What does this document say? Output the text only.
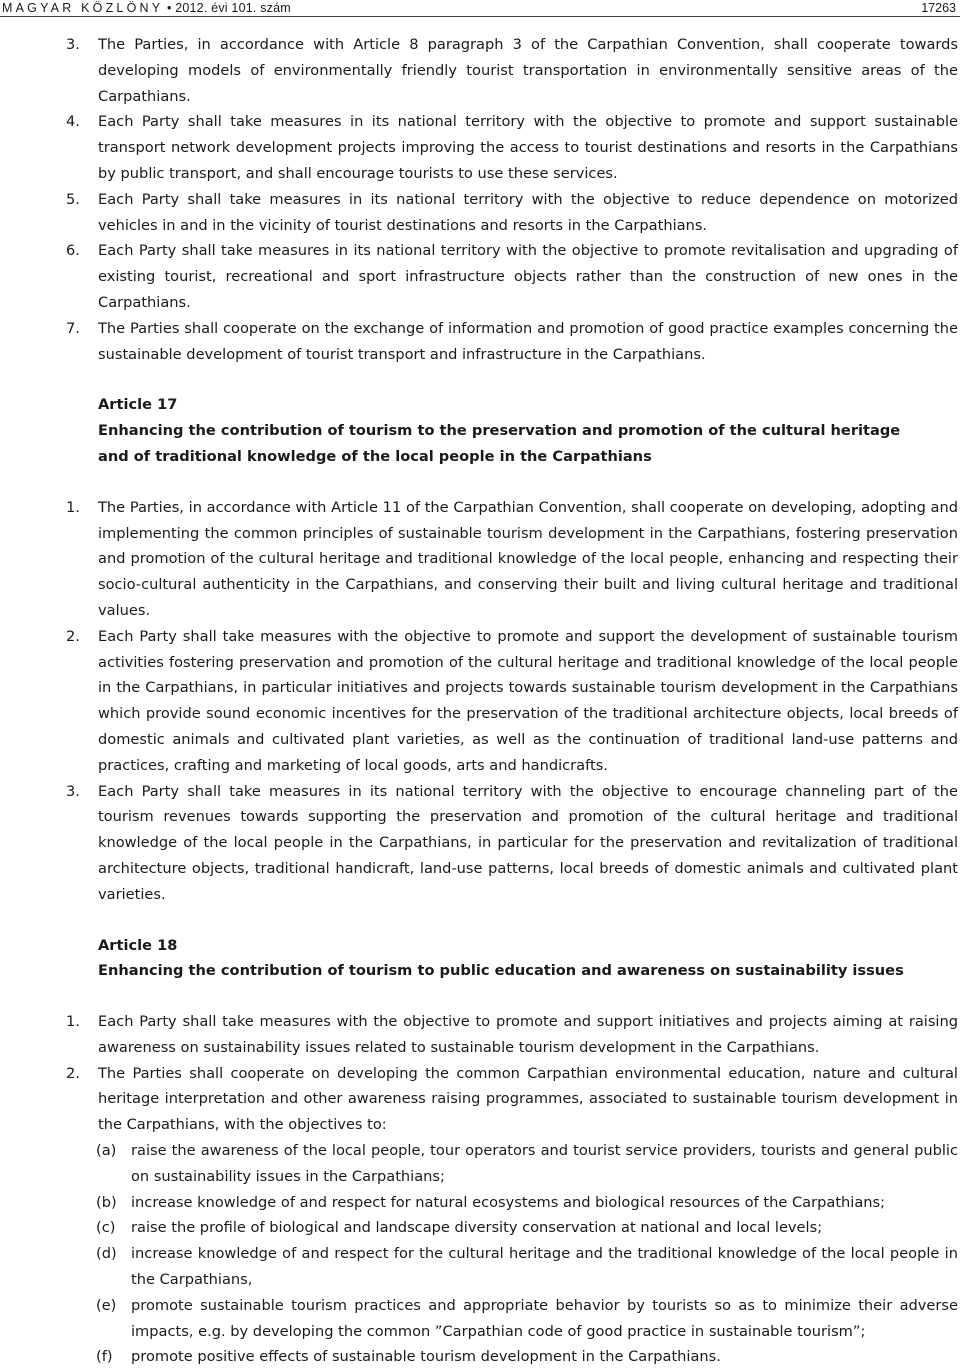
MAGYAR KÖZLÖNY • 2012. évi 101. szám	17263
3. The Parties, in accordance with Article 8 paragraph 3 of the Carpathian Convention, shall cooperate towards developing models of environmentally friendly tourist transportation in environmentally sensitive areas of the Carpathians.
4. Each Party shall take measures in its national territory with the objective to promote and support sustainable transport network development projects improving the access to tourist destinations and resorts in the Carpathians by public transport, and shall encourage tourists to use these services.
5. Each Party shall take measures in its national territory with the objective to reduce dependence on motorized vehicles in and in the vicinity of tourist destinations and resorts in the Carpathians.
6. Each Party shall take measures in its national territory with the objective to promote revitalisation and upgrading of existing tourist, recreational and sport infrastructure objects rather than the construction of new ones in the Carpathians.
7. The Parties shall cooperate on the exchange of information and promotion of good practice examples concerning the sustainable development of tourist transport and infrastructure in the Carpathians.
Article 17
Enhancing the contribution of tourism to the preservation and promotion of the cultural heritage and of traditional knowledge of the local people in the Carpathians
1. The Parties, in accordance with Article 11 of the Carpathian Convention, shall cooperate on developing, adopting and implementing the common principles of sustainable tourism development in the Carpathians, fostering preservation and promotion of the cultural heritage and traditional knowledge of the local people, enhancing and respecting their socio-cultural authenticity in the Carpathians, and conserving their built and living cultural heritage and traditional values.
2. Each Party shall take measures with the objective to promote and support the development of sustainable tourism activities fostering preservation and promotion of the cultural heritage and traditional knowledge of the local people in the Carpathians, in particular initiatives and projects towards sustainable tourism development in the Carpathians which provide sound economic incentives for the preservation of the traditional architecture objects, local breeds of domestic animals and cultivated plant varieties, as well as the continuation of traditional land-use patterns and practices, crafting and marketing of local goods, arts and handicrafts.
3. Each Party shall take measures in its national territory with the objective to encourage channeling part of the tourism revenues towards supporting the preservation and promotion of the cultural heritage and traditional knowledge of the local people in the Carpathians, in particular for the preservation and revitalization of traditional architecture objects, traditional handicraft, land-use patterns, local breeds of domestic animals and cultivated plant varieties.
Article 18
Enhancing the contribution of tourism to public education and awareness on sustainability issues
1. Each Party shall take measures with the objective to promote and support initiatives and projects aiming at raising awareness on sustainability issues related to sustainable tourism development in the Carpathians.
2. The Parties shall cooperate on developing the common Carpathian environmental education, nature and cultural heritage interpretation and other awareness raising programmes, associated to sustainable tourism development in the Carpathians, with the objectives to:
(a) raise the awareness of the local people, tour operators and tourist service providers, tourists and general public on sustainability issues in the Carpathians;
(b) increase knowledge of and respect for natural ecosystems and biological resources of the Carpathians;
(c) raise the profile of biological and landscape diversity conservation at national and local levels;
(d) increase knowledge of and respect for the cultural heritage and the traditional knowledge of the local people in the Carpathians,
(e) promote sustainable tourism practices and appropriate behavior by tourists so as to minimize their adverse impacts, e.g. by developing the common ”Carpathian code of good practice in sustainable tourism”;
(f) promote positive effects of sustainable tourism development in the Carpathians.
